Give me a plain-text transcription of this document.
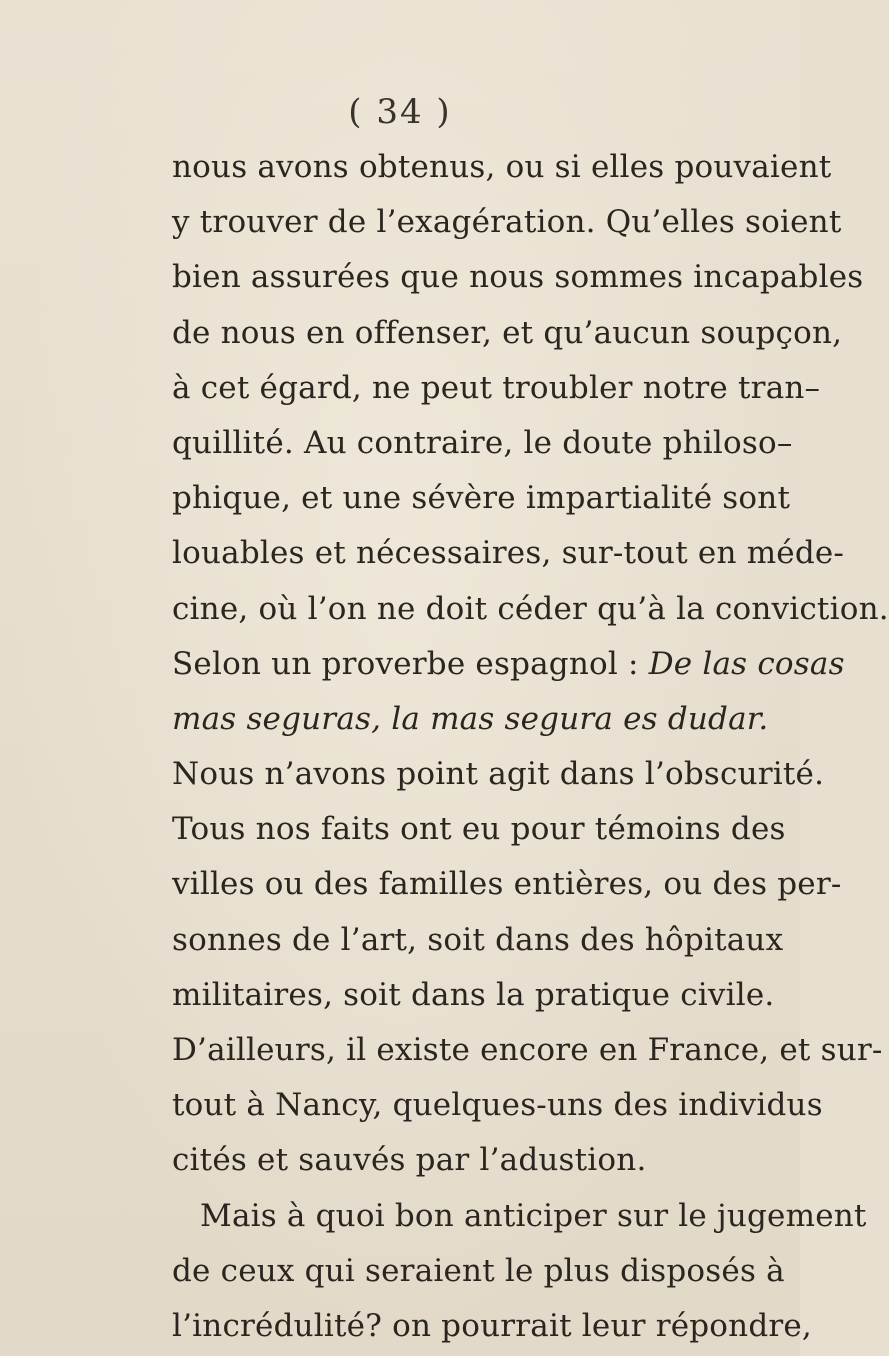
( 34 )
nous avons obtenus, ou si elles pouvaient
y trouver de l’exagération. Qu’elles soient
bien assurées que nous sommes incapables
de nous en offenser, et qu’aucun soupçon,
à cet égard, ne peut troubler notre tran–
quillité. Au contraire, le doute philoso–
phique, et une sévère impartialité sont
louables et nécessaires, sur-tout en méde-
cine, où l’on ne doit céder qu’à la conviction.
Selon un proverbe espagnol : De las cosas
mas seguras, la mas segura es dudar.
Nous n’avons point agit dans l’obscurité.
Tous nos faits ont eu pour témoins des
villes ou des familles entières, ou des per-
sonnes de l’art, soit dans des hôpitaux
militaires, soit dans la pratique civile.
D’ailleurs, il existe encore en France, et sur-
tout à Nancy, quelques-uns des individus
cités et sauvés par l’adustion.
Mais à quoi bon anticiper sur le jugement
de ceux qui seraient le plus disposés à
l’incrédulité? on pourrait leur répondre,
